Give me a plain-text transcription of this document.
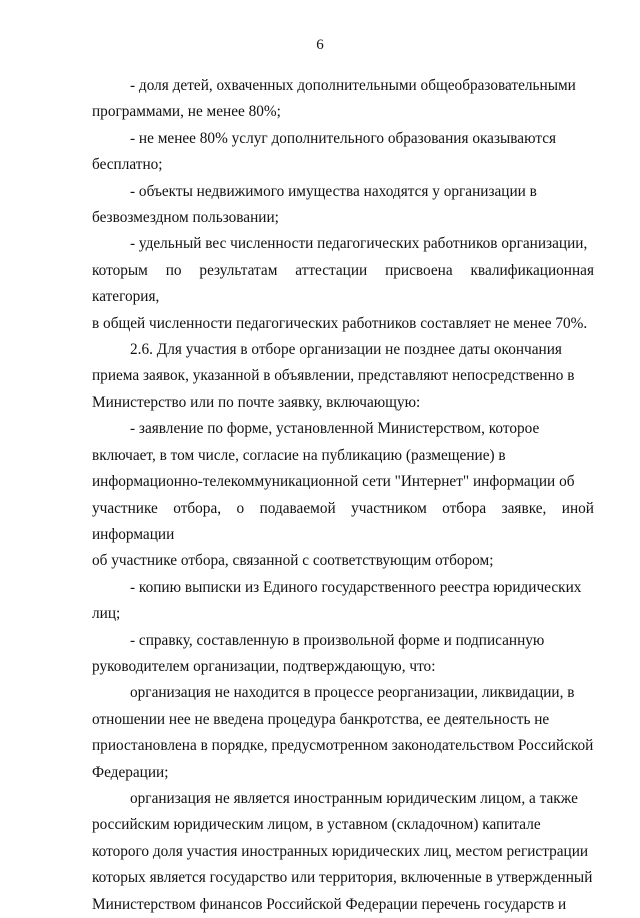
6

- доля детей, охваченных дополнительными общеобразовательными
программами, не менее 80%;

- не менее 80% услуг дополнительного образования оказываются
бесплатно;

- объекты недвижимого имущества находятся у организации в
безвозмездном пользовании;

- удельный вес численности педагогических работников организации,
которым по результатам аттестации присвоена квалификационная категория,
в общей численности педагогических работников составляет не менее 70%.

2.6. Для участия в отборе организации не позднее даты окончания
приема заявок, указанной в объявлении, представляют непосредственно в
Министерство или по почте заявку, включающую:

- заявление по форме, установленной Министерством, которое
включает, в том числе, согласие на публикацию (размещение) в
информационно-телекоммуникационной сети "Интернет" информации об
участнике отбора, о подаваемой участником отбора заявке, иной информации
об участнике отбора, связанной с соответствующим отбором;

- копию выписки из Единого государственного реестра юридических
лиц;

- справку, составленную в произвольной форме и подписанную
руководителем организации, подтверждающую, что:

организация не находится в процессе реорганизации, ликвидации, в
отношении нее не введена процедура банкротства, ее деятельность не
приостановлена в порядке, предусмотренном законодательством Российской
Федерации;

организация не является иностранным юридическим лицом, а также
российским юридическим лицом, в уставном (складочном) капитале
которого доля участия иностранных юридических лиц, местом регистрации
которых является государство или территория, включенные в утвержденный
Министерством финансов Российской Федерации перечень государств и
